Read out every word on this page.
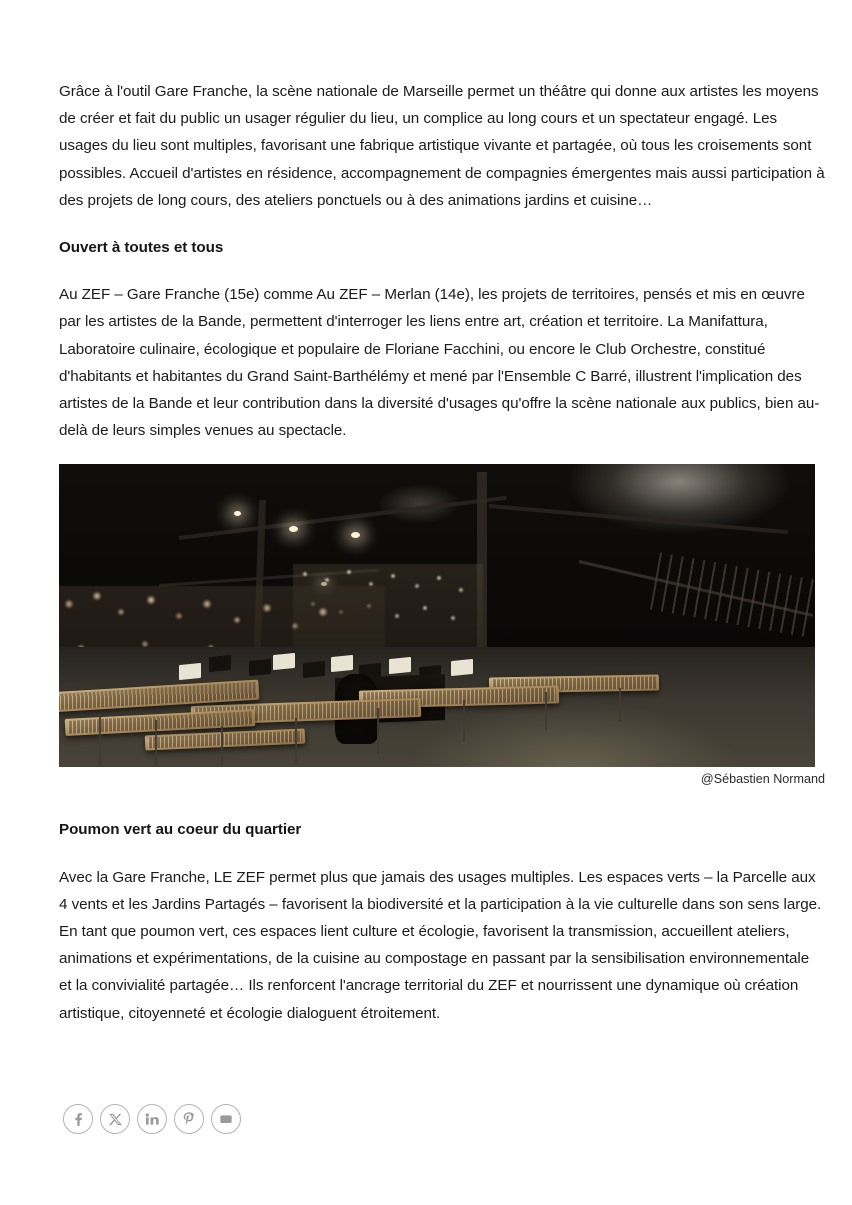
Grâce à l'outil Gare Franche, la scène nationale de Marseille permet un théâtre qui donne aux artistes les moyens de créer et fait du public un usager régulier du lieu, un complice au long cours et un spectateur engagé. Les usages du lieu sont multiples, favorisant une fabrique artistique vivante et partagée, où tous les croisements sont possibles. Accueil d'artistes en résidence, accompagnement de compagnies émergentes mais aussi participation à des projets de long cours, des ateliers ponctuels ou à des animations jardins et cuisine…

Ouvert à toutes et tous

Au ZEF – Gare Franche (15e) comme Au ZEF – Merlan (14e), les projets de territoires, pensés et mis en œuvre par les artistes de la Bande, permettent d'interroger les liens entre art, création et territoire. La Manifattura, Laboratoire culinaire, écologique et populaire de Floriane Facchini, ou encore le Club Orchestre, constitué d'habitants et habitantes du Grand Saint-Barthélémy et mené par l'Ensemble C Barré, illustrent l'implication des artistes de la Bande et leur contribution dans la diversité d'usages qu'offre la scène nationale aux publics, bien au-delà de leurs simples venues au spectacle.

@Sébastien Normand
Poumon vert au coeur du quartier

Avec la Gare Franche, LE ZEF permet plus que jamais des usages multiples. Les espaces verts – la Parcelle aux 4 vents et les Jardins Partagés – favorisent la biodiversité et la participation à la vie culturelle dans son sens large. En tant que poumon vert, ces espaces lient culture et écologie, favorisent la transmission, accueillent ateliers, animations et expérimentations, de la cuisine au compostage en passant par la sensibilisation environnementale et la convivialité partagée… Ils renforcent l'ancrage territorial du ZEF et nourrissent une dynamique où création artistique, citoyenneté et écologie dialoguent étroitement.
